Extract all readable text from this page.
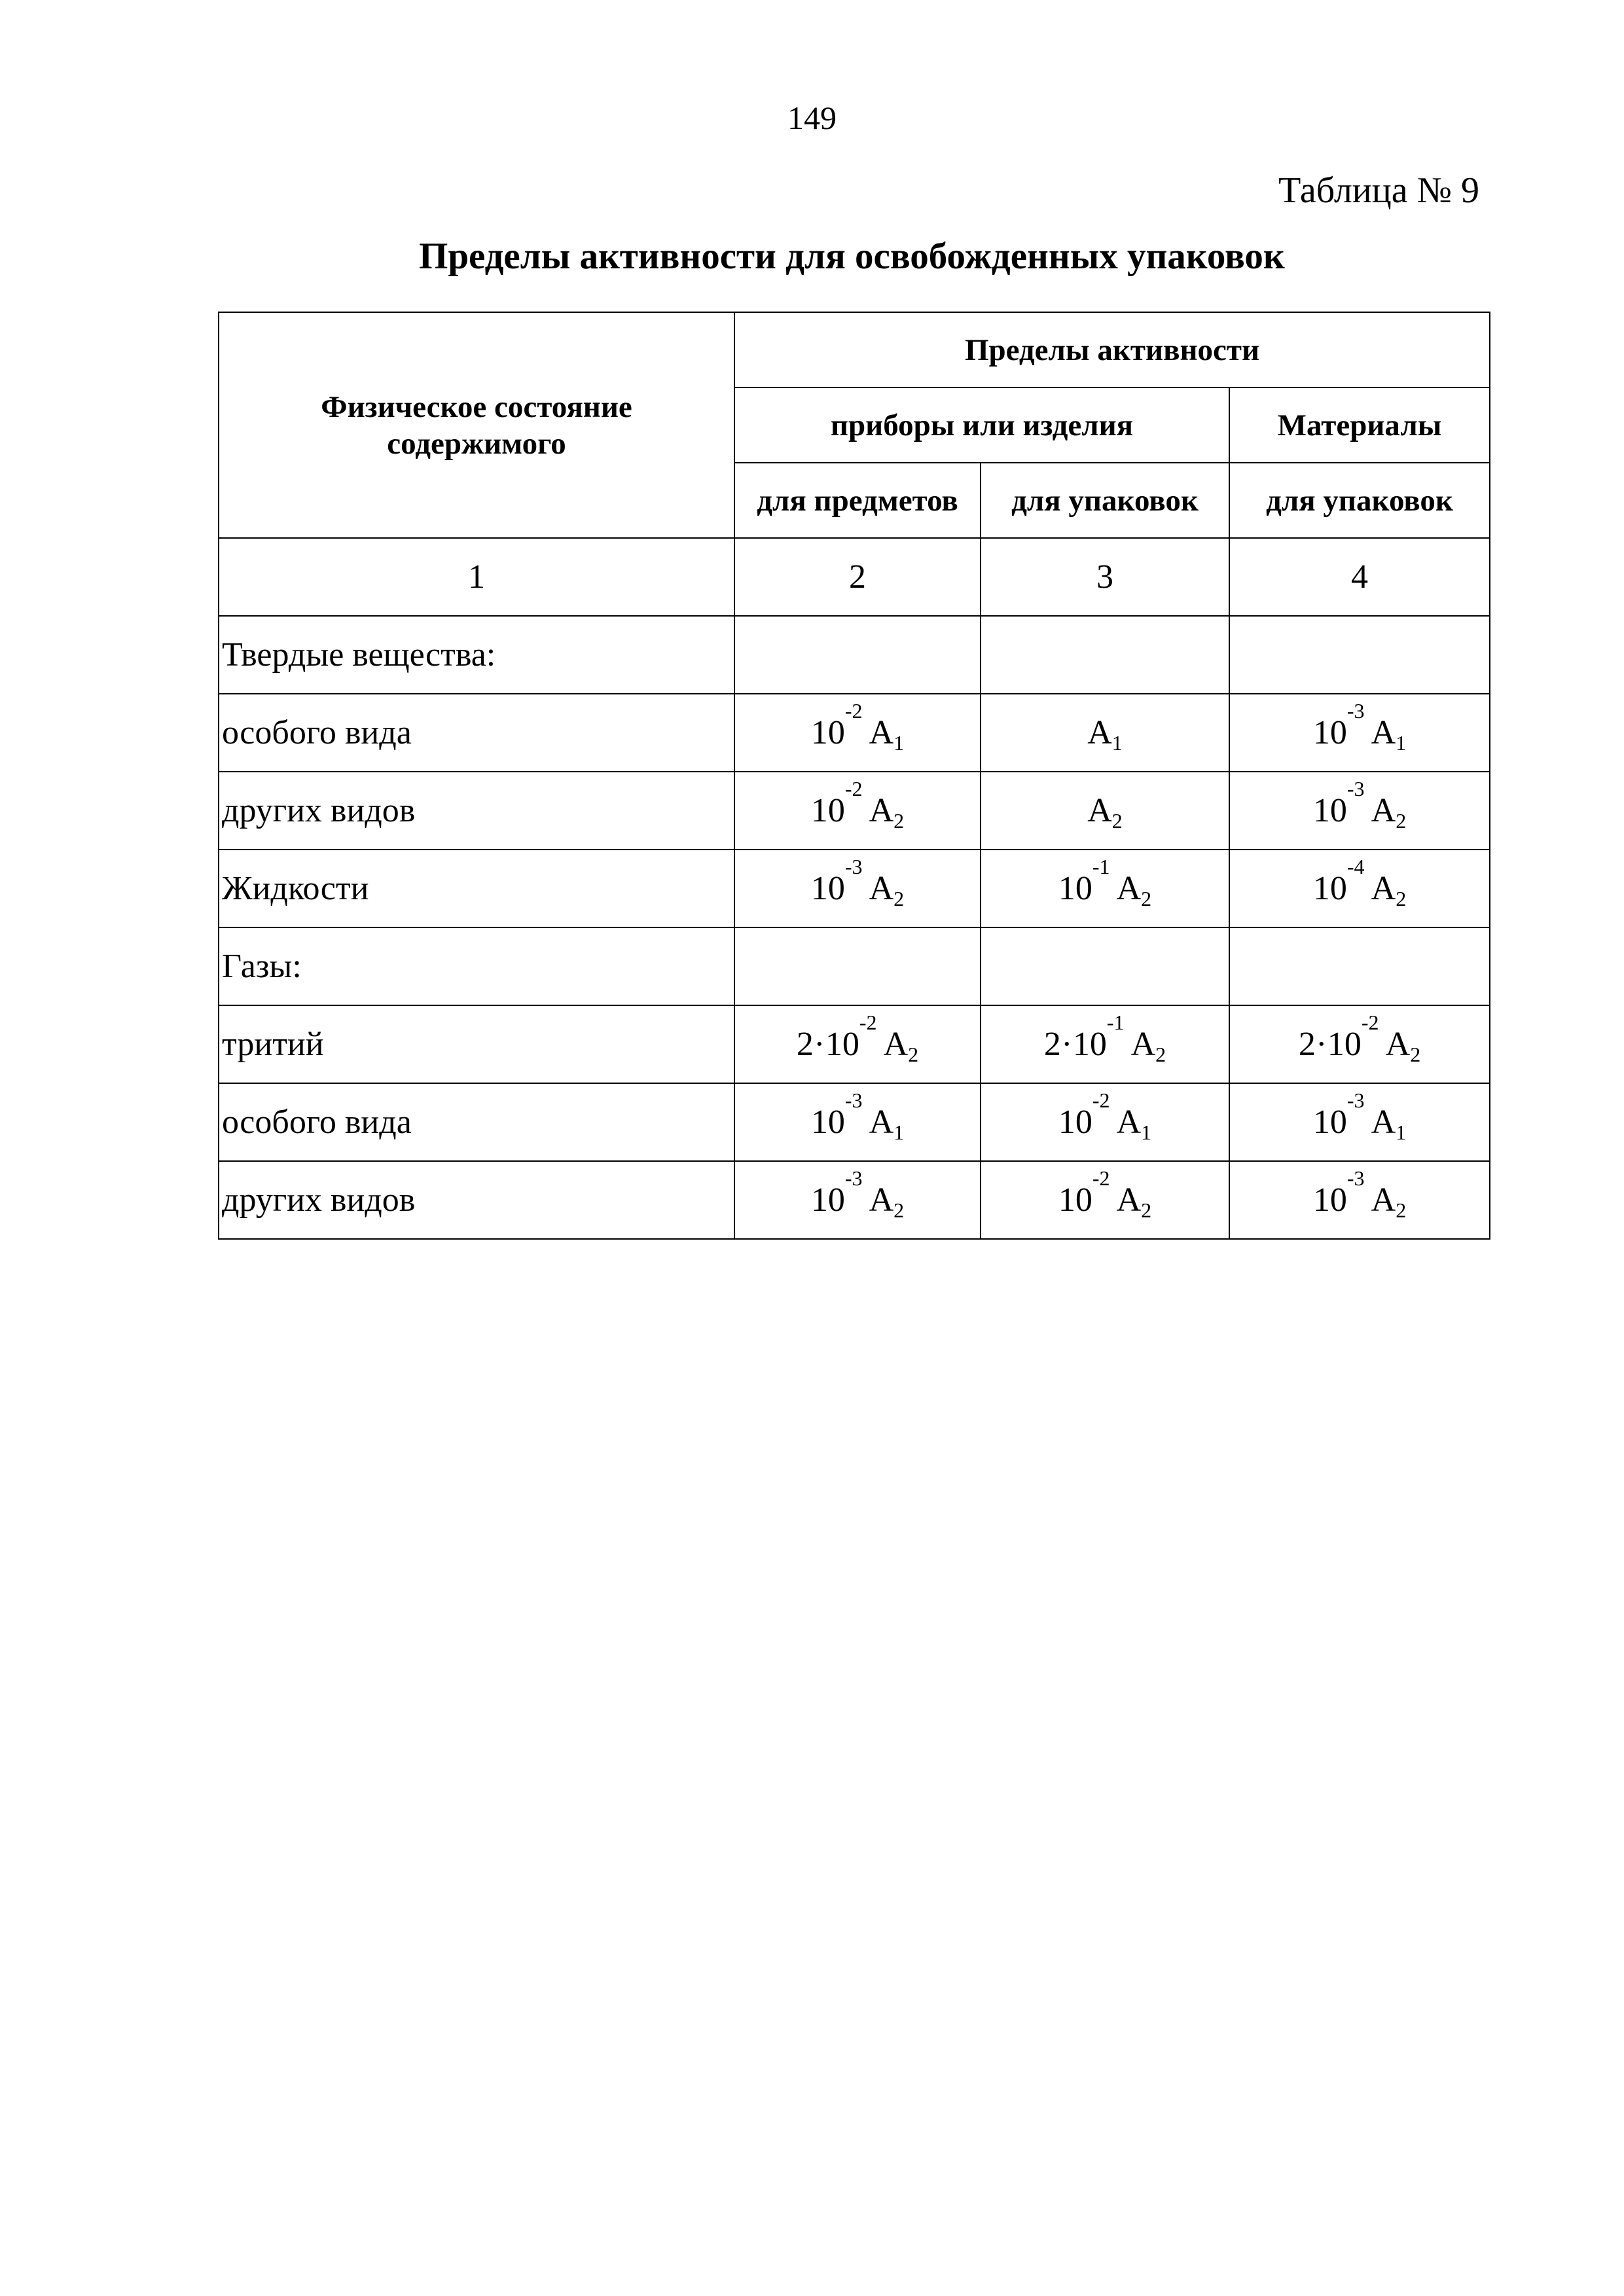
149
Таблица № 9
Пределы активности для освобожденных упаковок
Физическое состояние содержимого	Пределы активности		
	приборы или изделия		Материалы
	для предметов	для упаковок	для упаковок
1	2	3	4
Твердые вещества:			
особого вида	$10^{-2}$ $A_1$	$A_1$	$10^{-3}$ $A_1$
других видов	$10^{-2}$ $A_2$	$A_2$	$10^{-3}$ $A_2$
Жидкости	$10^{-3}$ $A_2$	$10^{-1}$ $A_2$	$10^{-4}$ $A_2$
Газы:			
тритий	$2\cdot 10^{-2}$ $A_2$	$2\cdot 10^{-1}$ $A_2$	$2\cdot 10^{-2}$ $A_2$
особого вида	$10^{-3}$ $A_1$	$10^{-2}$ $A_1$	$10^{-3}$ $A_1$
других видов	$10^{-3}$ $A_2$	$10^{-2}$ $A_2$	$10^{-3}$ $A_2$
